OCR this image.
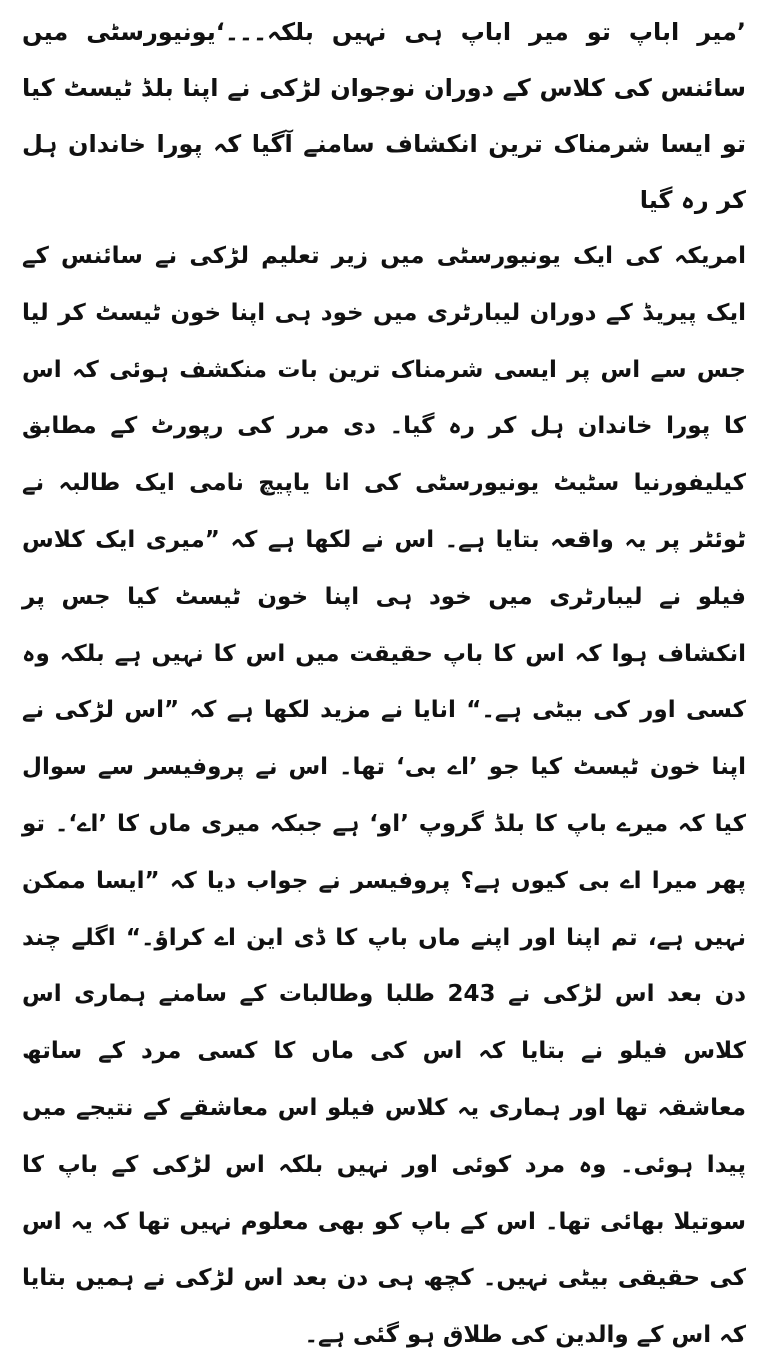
’میر اباپ تو میر اباپ ہی نہیں بلکہ۔۔۔‘یونیورسٹی میں سائنس کی کلاس کے دوران نوجوان لڑکی نے اپنا بلڈ ٹیسٹ کیا تو ایسا شرمناک ترین انکشاف سامنے آگیا کہ پورا خاندان ہل کر رہ گیا

امریکہ کی ایک یونیورسٹی میں زیر تعلیم لڑکی نے سائنس کے ایک پیریڈ کے دوران لیبارٹری میں خود ہی اپنا خون ٹیسٹ کر لیا جس سے اس پر ایسی شرمناک ترین بات منکشف ہوئی کہ اس کا پورا خاندان ہل کر رہ گیا۔ دی مرر کی رپورٹ کے مطابق کیلیفورنیا سٹیٹ یونیورسٹی کی انا یاپیچ نامی ایک طالبہ نے ٹوئٹر پر یہ واقعہ بتایا ہے۔ اس نے لکھا ہے کہ ”میری ایک کلاس فیلو نے لیبارٹری میں خود ہی اپنا خون ٹیسٹ کیا جس پر انکشاف ہوا کہ اس کا باپ حقیقت میں اس کا نہیں ہے بلکہ وہ کسی اور کی بیٹی ہے۔“ انایا نے مزید لکھا ہے کہ ”اس لڑکی نے اپنا خون ٹیسٹ کیا جو ’اے بی‘ تھا۔ اس نے پروفیسر سے سوال کیا کہ میرے باپ کا بلڈ گروپ ’او‘ ہے جبکہ میری ماں کا ’اے‘۔ تو پھر میرا اے بی کیوں ہے؟ پروفیسر نے جواب دیا کہ ”ایسا ممکن نہیں ہے، تم اپنا اور اپنے ماں باپ کا ڈی این اے کراﺅ۔“ اگلے چند دن بعد اس لڑکی نے 243 طلبا وطالبات کے سامنے ہماری اس کلاس فیلو نے بتایا کہ اس کی ماں کا کسی مرد کے ساتھ معاشقہ تھا اور ہماری یہ کلاس فیلو اس معاشقے کے نتیجے میں پیدا ہوئی۔ وہ مرد کوئی اور نہیں بلکہ اس لڑکی کے باپ کا سوتیلا بھائی تھا۔ اس کے باپ کو بھی معلوم نہیں تھا کہ یہ اس کی حقیقی بیٹی نہیں۔ کچھ ہی دن بعد اس لڑکی نے ہمیں بتایا کہ اس کے والدین کی طلاق ہو گئی ہے۔
